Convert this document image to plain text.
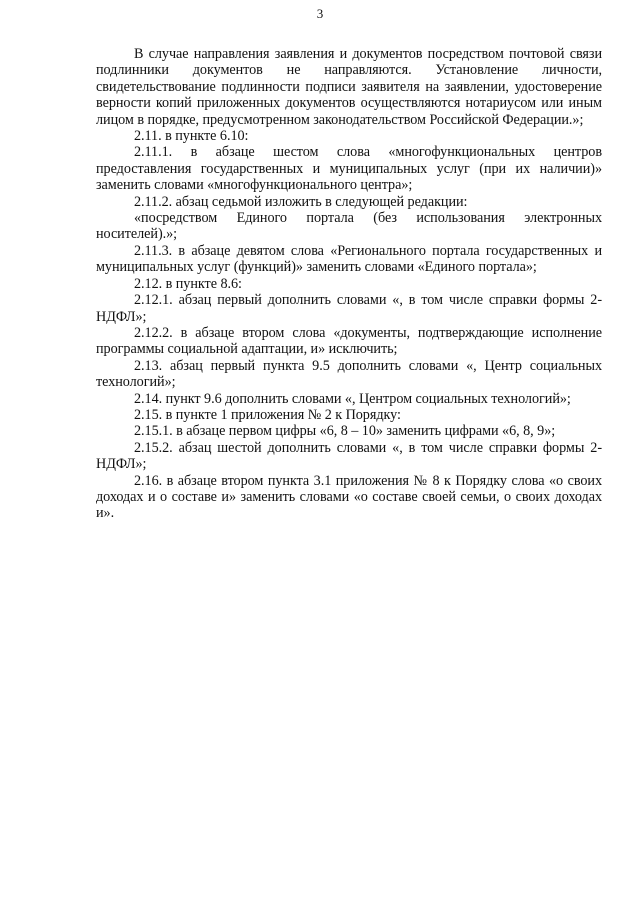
3

В случае направления заявления и документов посредством почтовой связи подлинники документов не направляются. Установление личности, свидетельствование подлинности подписи заявителя на заявлении, удостоверение верности копий приложенных документов осуществляются нотариусом или иным лицом в порядке, предусмотренном законодательством Российской Федерации.»;

2.11. в пункте 6.10:

2.11.1. в абзаце шестом слова «многофункциональных центров предоставления государственных и муниципальных услуг (при их наличии)» заменить словами «многофункционального центра»;

2.11.2. абзац седьмой изложить в следующей редакции:

«посредством Единого портала (без использования электронных носителей).»;

2.11.3. в абзаце девятом слова «Регионального портала государственных и муниципальных услуг (функций)» заменить словами «Единого портала»;

2.12. в пункте 8.6:

2.12.1. абзац первый дополнить словами «, в том числе справки формы 2-НДФЛ»;

2.12.2. в абзаце втором слова «документы, подтверждающие исполнение программы социальной адаптации, и» исключить;

2.13. абзац первый пункта 9.5 дополнить словами «, Центр социальных технологий»;

2.14. пункт 9.6 дополнить словами «, Центром социальных технологий»;

2.15. в пункте 1 приложения № 2 к Порядку:

2.15.1. в абзаце первом цифры «6, 8 – 10» заменить цифрами «6, 8, 9»;

2.15.2. абзац шестой дополнить словами «, в том числе справки формы 2-НДФЛ»;

2.16. в абзаце втором пункта 3.1 приложения № 8 к Порядку слова «о своих доходах и о составе и» заменить словами «о составе своей семьи, о своих доходах и».
